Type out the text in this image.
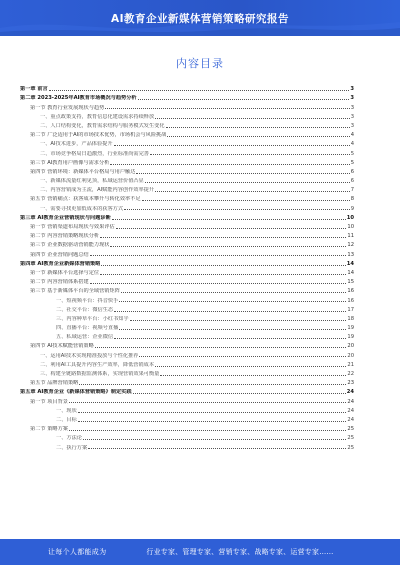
AI教育企业新媒体营销策略研究报告
内容目录
第一章 前言	3
第二章 2023-2025年AI教育市场概况与趋势分析	3
第一节 教育行业发展现状与趋势	3
一、重点政策支持，教育信息化建设需求持续释放	3
二、人口结构变化，教育需求结构与服务模式发生变化	3
第二节 广泛适用于AI的市场技术优势，市场机会与风险挑战	4
一、AI技术进步，产品体验提升	4
二、市场竞争格局日趋激烈，行业标准尚需完善	5
第三节 AI教育用户画像与需求分析	5
第四节 营销环境：新媒体平台格局与用户触达	6
一、新媒体流量红利见顶，私域运营价值凸显	6
二、内容营销成为主流，AI赋能内容创作效率提升	7
第五节 营销痛点：获客成本攀升与转化效率不足	8
一、需要寻找更加低成本的获客方式	9
第三章 AI教育企业营销现状与问题诊断	10
第一节 营销渠道布局现状与效果评估	10
第二节 内容营销策略现状分析	11
第三节 企业数据驱动营销能力现状	12
第四节 企业营销问题总结	13
第四章 AI教育企业新媒体营销策略	14
第一节 新媒体平台选择与定位	14
第二节 内容营销体系搭建	15
第三节 基于新媒体平台的全域营销矩阵	16
一、短视频平台：抖音快手	16
二、社交平台：微信生态	17
三、内容种草平台：小红书知乎	18
四、直播平台：视频号直播	19
五、私域运营：企业微信	19
第四节 AI技术赋能营销策略	20
一、运用AI技术实现精准投放与个性化推荐	20
二、利用AI工具提升内容生产效率，降低营销成本	21
三、构建全链路数据监测体系，实现营销效果可衡量	22
第五节 品牌营销策略	23
第五章 AI教育企业《新媒体营销策略》制定实践	24
第一节 项目背景	24
一、现状	24
二、目标	24
第二节 策略方案	25
一、方法论	25
二、执行方案	25
让每个人都能成为	行业专家、管理专家、营销专家、战略专家、运营专家……
